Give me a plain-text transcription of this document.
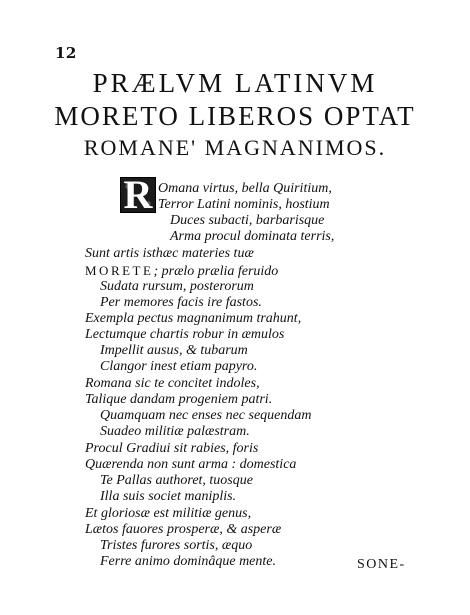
12
PRÆLVM LATINVM
MORETO LIBEROS OPTAT
ROMANE' MAGNANIMOS.
R Omana virtus, bella Quiritium,
Terror Latini nominis, hostium
Duces subacti, barbarisque
Arma procul dominata terris,
Sunt artis isthæc materies tuæ
MORETE; prælo prælia feruido
Sudata rursum, posterorum
Per memores facis ire fastos.
Exempla pectus magnanimum trahunt,
Lectumque chartis robur in æmulos
Impellit ausus, & tubarum
Clangor inest etiam papyro.
Romana sic te concitet indoles,
Talique dandam progeniem patri.
Quamquam nec enses nec sequendam
Suadeo militiæ palæstram.
Procul Gradiui sit rabies, foris
Quærenda non sunt arma : domestica
Te Pallas authoret, tuosque
Illa suis societ maniplis.
Et gloriosæ est militiæ genus,
Lætos fauores prosperæ, & asperæ
Tristes furores sortis, æquo
Ferre animo dominâque mente.	SONE-
